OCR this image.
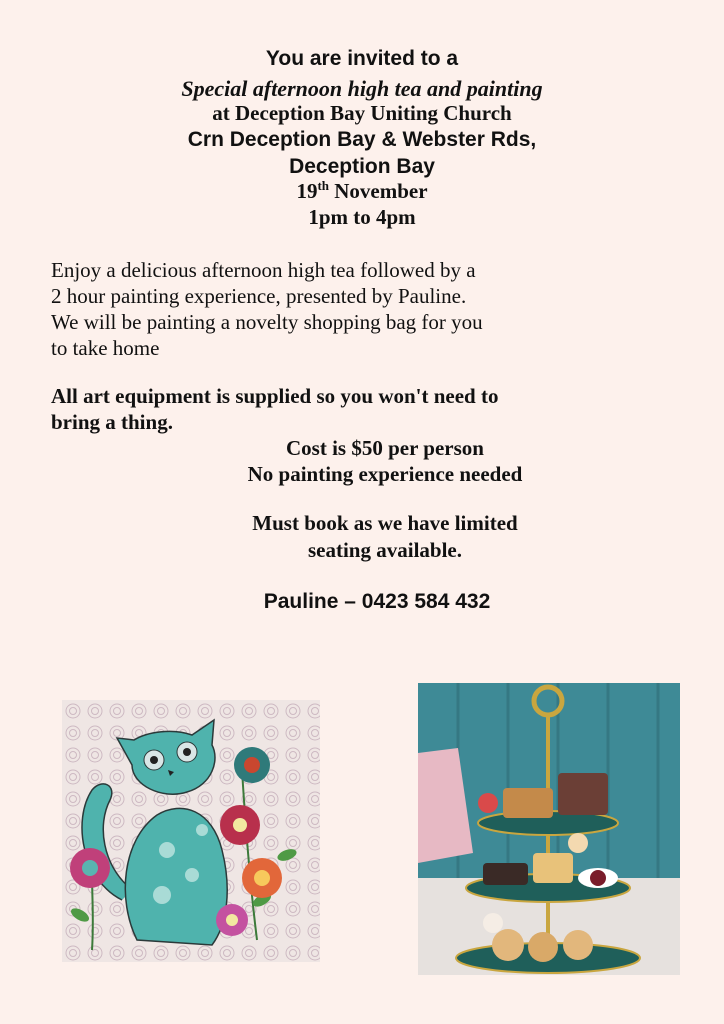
You are invited to a
Special afternoon high tea and painting
at Deception Bay Uniting Church
Crn Deception Bay & Webster Rds,
Deception Bay
19th November
1pm to 4pm
Enjoy a delicious afternoon high tea followed by a
2 hour painting experience, presented by Pauline.
We will be painting a novelty shopping bag for you
to take home
All art equipment is supplied so you won't need to
bring a thing.
Cost is $50 per person
No painting experience needed
Must book as we have limited
seating available.
Pauline – 0423 584 432
